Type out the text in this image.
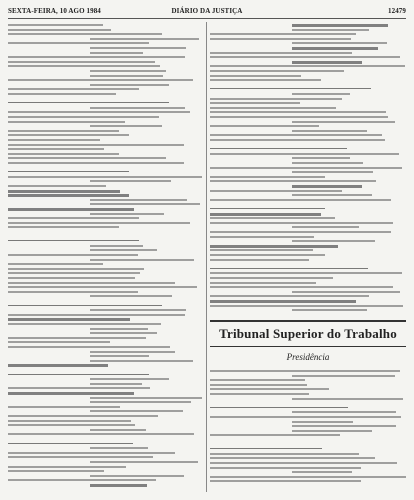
SEXTA-FEIRA, 10 AGO 1984	DIÁRIO DA JUSTIÇA	12479
Tribunal Superior do Trabalho
Presidência
